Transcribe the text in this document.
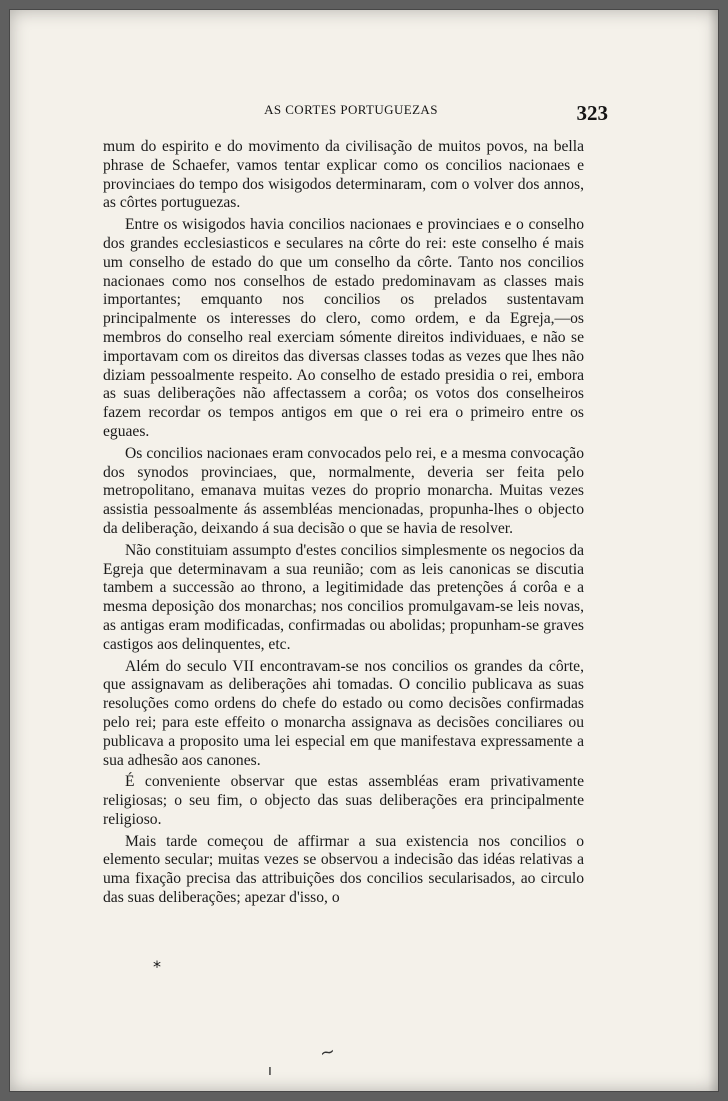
AS CORTES PORTUGUEZAS	323

mum do espirito e do movimento da civilisação de muitos povos, na bella phrase de Schaefer, vamos tentar explicar como os concilios nacionaes e provinciaes do tempo dos wisigodos determinaram, com o volver dos annos, as côrtes portuguezas.

Entre os wisigodos havia concilios nacionaes e provinciaes e o conselho dos grandes ecclesiasticos e seculares na côrte do rei: este conselho é mais um conselho de estado do que um conselho da côrte. Tanto nos concilios nacionaes como nos conselhos de estado predominavam as classes mais importantes; emquanto nos concilios os prelados sustentavam principalmente os interesses do clero, como ordem, e da Egreja,—os membros do conselho real exerciam sómente direitos individuaes, e não se importavam com os direitos das diversas classes todas as vezes que lhes não diziam pessoalmente respeito. Ao conselho de estado presidia o rei, embora as suas deliberações não affectassem a corôa; os votos dos conselheiros fazem recordar os tempos antigos em que o rei era o primeiro entre os eguaes.

Os concilios nacionaes eram convocados pelo rei, e a mesma convocação dos synodos provinciaes, que, normalmente, deveria ser feita pelo metropolitano, emanava muitas vezes do proprio monarcha. Muitas vezes assistia pessoalmente ás assembléas mencionadas, propunha-lhes o objecto da deliberação, deixando á sua decisão o que se havia de resolver.

Não constituiam assumpto d'estes concilios simplesmente os negocios da Egreja que determinavam a sua reunião; com as leis canonicas se discutia tambem a successão ao throno, a legitimidade das pretenções á corôa e a mesma deposição dos monarchas; nos concilios promulgavam-se leis novas, as antigas eram modificadas, confirmadas ou abolidas; propunham-se graves castigos aos delinquentes, etc.

Além do seculo VII encontravam-se nos concilios os grandes da côrte, que assignavam as deliberações ahi tomadas. O concilio publicava as suas resoluções como ordens do chefe do estado ou como decisões confirmadas pelo rei; para este effeito o monarcha assignava as decisões conciliares ou publicava a proposito uma lei especial em que manifestava expressamente a sua adhesão aos canones.

É conveniente observar que estas assembléas eram privativamente religiosas; o seu fim, o objecto das suas deliberações era principalmente religioso.

Mais tarde começou de affirmar a sua existencia nos concilios o elemento secular; muitas vezes se observou a indecisão das idéas relativas a uma fixação precisa das attribuições dos concilios secularisados, ao circulo das suas deliberações; apezar d'isso, o

*
~
ı
